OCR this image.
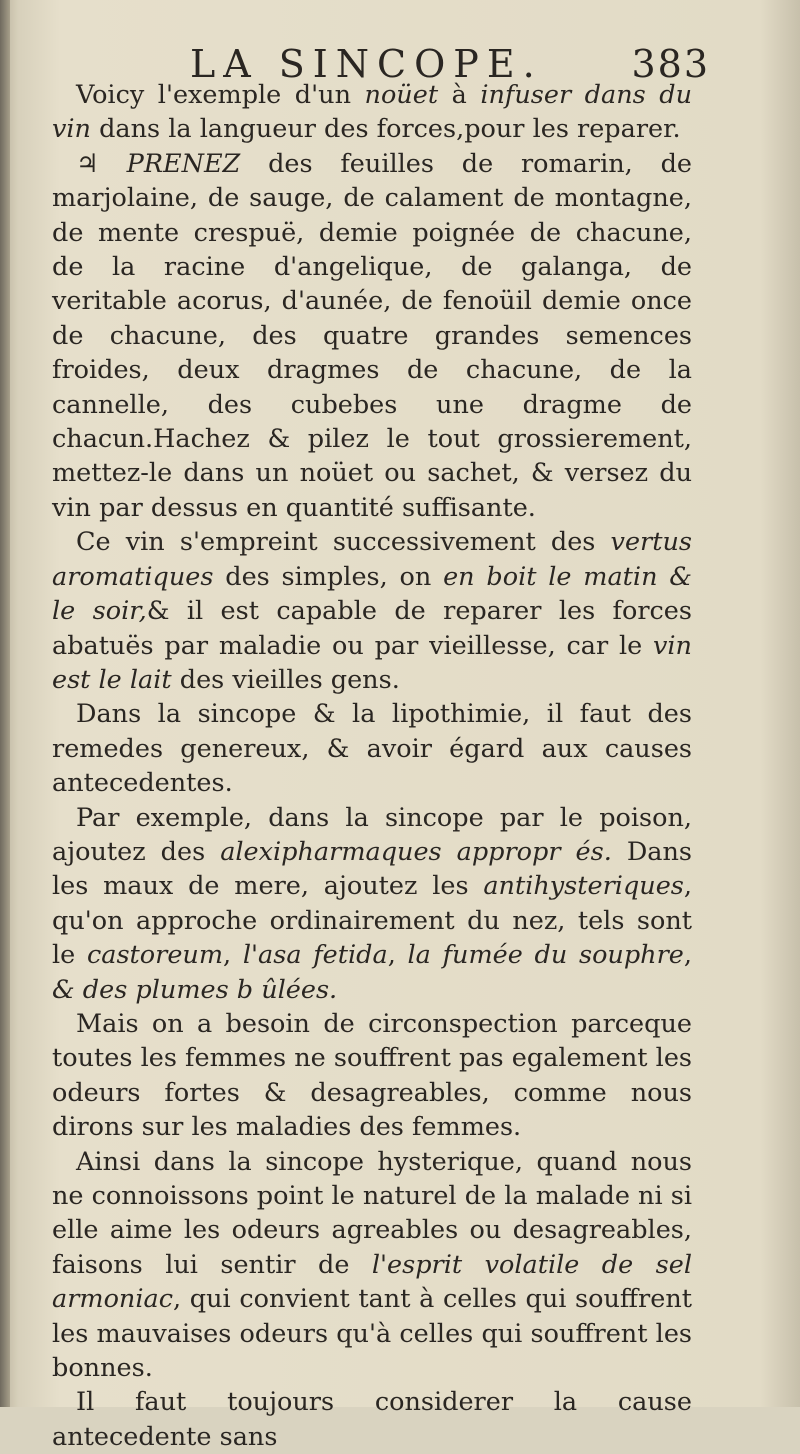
LA SINCOPE. 383

Voicy l'exemple d'un noüet à infuser dans du vin dans la langueur des forces,pour les reparer.

♃ PRENEZ des feuilles de romarin, de marjolaine, de sauge, de calament de montagne, de mente crespuë, demie poignée de chacune, de la racine d'angelique, de galanga, de veritable acorus, d'aunée, de fenoüil demie once de chacune, des quatre grandes semences froides, deux dragmes de chacune, de la cannelle, des cubebes une dragme de chacun.Hachez & pilez le tout grossierement, mettez-le dans un noüet ou sachet, & versez du vin par dessus en quantité suffisante.

Ce vin s'empreint successivement des vertus aromatiques des simples, on en boit le matin & le soir,& il est capable de reparer les forces abatuës par maladie ou par vieillesse, car le vin est le lait des vieilles gens.

Dans la sincope & la lipothimie, il faut des remedes genereux, & avoir égard aux causes antecedentes.

Par exemple, dans la sincope par le poison, ajoutez des alexipharmaques appropr és. Dans les maux de mere, ajoutez les antihysteriques, qu'on approche ordinairement du nez, tels sont le castoreum, l'asa fetida, la fumée du souphre, & des plumes b ûlées.

Mais on a besoin de circonspection parceque toutes les femmes ne souffrent pas egalement les odeurs fortes & desagreables, comme nous dirons sur les maladies des femmes.

Ainsi dans la sincope hysterique, quand nous ne connoissons point le naturel de la malade ni si elle aime les odeurs agreables ou desagreables, faisons lui sentir de l'esprit volatile de sel armoniac, qui convient tant à celles qui souffrent les mauvaises odeurs qu'à celles qui souffrent les bonnes.

Il faut toujours considerer la cause antecedente sans
